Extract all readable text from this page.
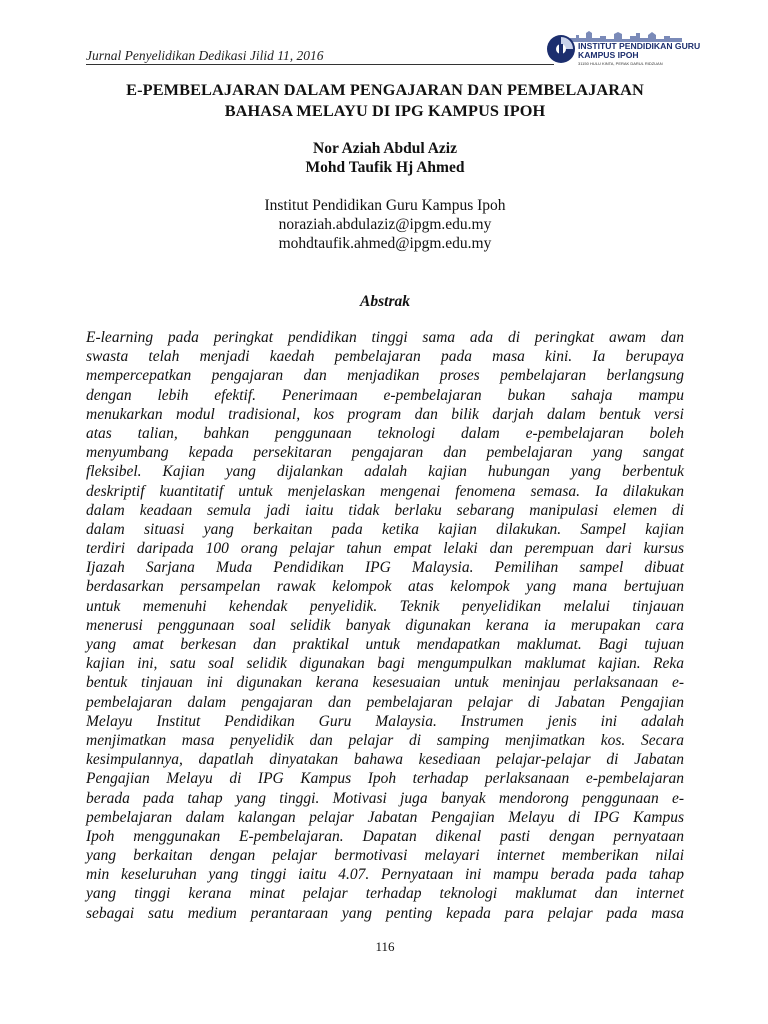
Jurnal Penyelidikan Dedikasi Jilid 11, 2016
INSTITUT PENDIDIKAN GURU
KAMPUS IPOH
31150 HULU KINTA, PERAK DARUL RIDZUAN
E-PEMBELAJARAN DALAM PENGAJARAN DAN PEMBELAJARAN
BAHASA MELAYU DI IPG KAMPUS IPOH
Nor Aziah Abdul Aziz
Mohd Taufik Hj Ahmed
Institut Pendidikan Guru Kampus Ipoh
noraziah.abdulaziz@ipgm.edu.my
mohdtaufik.ahmed@ipgm.edu.my
Abstrak
E-learning pada peringkat pendidikan tinggi sama ada di peringkat awam dan
swasta telah menjadi kaedah pembelajaran pada masa kini. Ia berupaya
mempercepatkan pengajaran dan menjadikan proses pembelajaran berlangsung
dengan lebih efektif. Penerimaan e-pembelajaran bukan sahaja mampu
menukarkan modul tradisional, kos program dan bilik darjah dalam bentuk versi
atas talian, bahkan penggunaan teknologi dalam e-pembelajaran boleh
menyumbang kepada persekitaran pengajaran dan pembelajaran yang sangat
fleksibel. Kajian yang dijalankan adalah kajian hubungan yang berbentuk
deskriptif kuantitatif untuk menjelaskan mengenai fenomena semasa. Ia dilakukan
dalam keadaan semula jadi iaitu tidak berlaku sebarang manipulasi elemen di
dalam situasi yang berkaitan pada ketika kajian dilakukan. Sampel kajian
terdiri daripada 100 orang pelajar tahun empat lelaki dan perempuan dari kursus
Ijazah Sarjana Muda Pendidikan IPG Malaysia. Pemilihan sampel dibuat
berdasarkan persampelan rawak kelompok atas kelompok yang mana bertujuan
untuk memenuhi kehendak penyelidik. Teknik penyelidikan melalui tinjauan
menerusi penggunaan soal selidik banyak digunakan kerana ia merupakan cara
yang amat berkesan dan praktikal untuk mendapatkan maklumat. Bagi tujuan
kajian ini, satu soal selidik digunakan bagi mengumpulkan maklumat kajian. Reka
bentuk tinjauan ini digunakan kerana kesesuaian untuk meninjau perlaksanaan e-
pembelajaran dalam pengajaran dan pembelajaran pelajar di Jabatan Pengajian
Melayu Institut Pendidikan Guru Malaysia. Instrumen jenis ini adalah
menjimatkan masa penyelidik dan pelajar di samping menjimatkan kos. Secara
kesimpulannya, dapatlah dinyatakan bahawa kesediaan pelajar-pelajar di Jabatan
Pengajian Melayu di IPG Kampus Ipoh terhadap perlaksanaan e-pembelajaran
berada pada tahap yang tinggi. Motivasi juga banyak mendorong penggunaan e-
pembelajaran dalam kalangan pelajar Jabatan Pengajian Melayu di IPG Kampus
Ipoh menggunakan E-pembelajaran. Dapatan dikenal pasti dengan pernyataan
yang berkaitan dengan pelajar bermotivasi melayari internet memberikan nilai
min keseluruhan yang tinggi iaitu 4.07. Pernyataan ini mampu berada pada tahap
yang tinggi kerana minat pelajar terhadap teknologi maklumat dan internet
sebagai satu medium perantaraan yang penting kepada para pelajar pada masa
116
